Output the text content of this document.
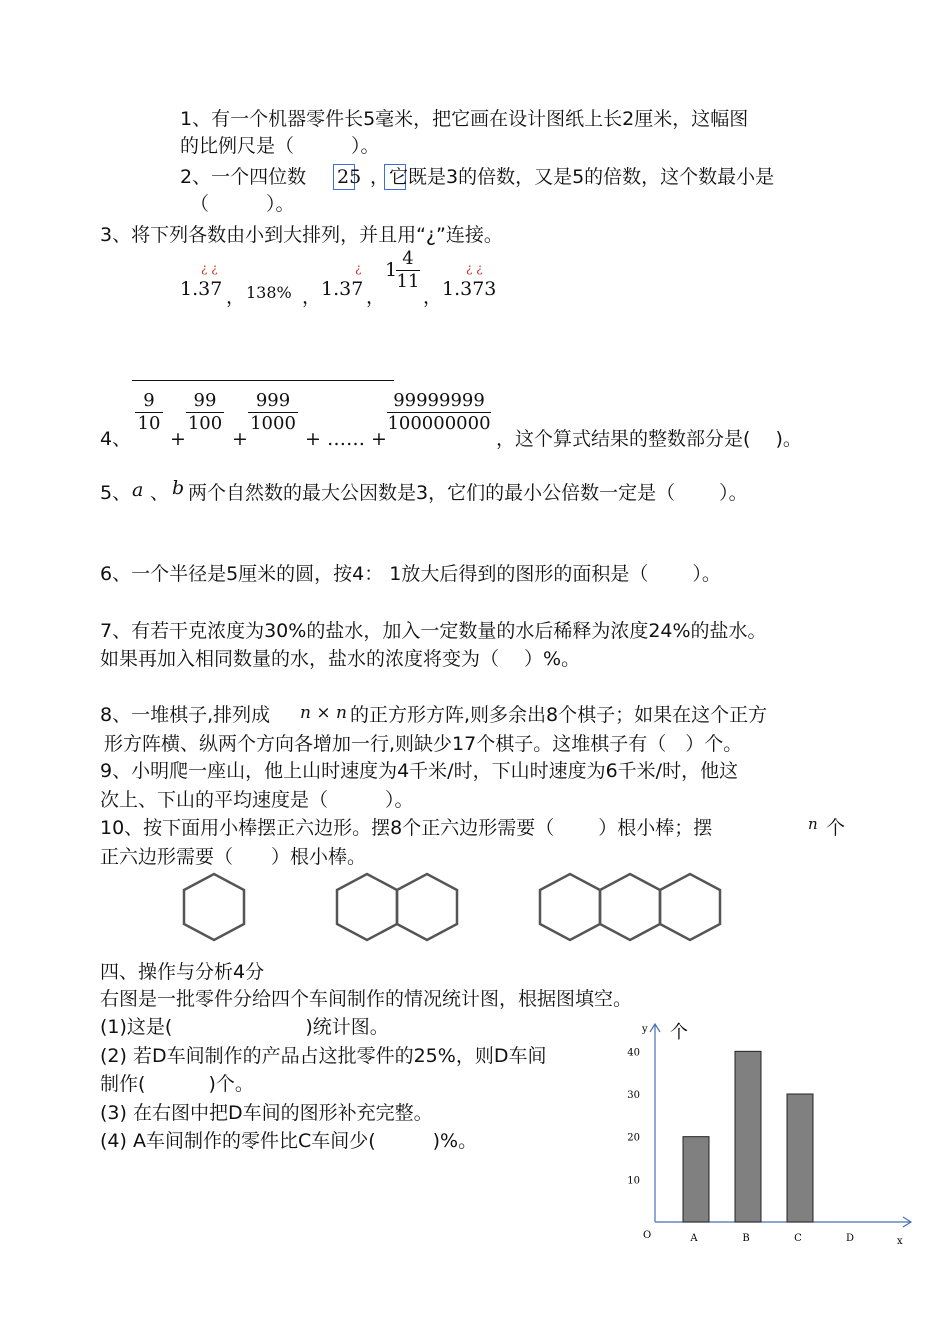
1、有一个机器零件长5毫米，把它画在设计图纸上长2厘米，这幅图
的比例尺是（　　　）。
2、一个四位数 25 ，它既是3的倍数，又是5的倍数，这个数最小是
（　　　）。
3、将下列各数由小到大排列，并且用“¿”连接。
¿ ¿
1.37 ， 138% ，
¿
1.37 ，
1
4
11
，
¿ ¿
1.373
4、
9
10
+
99
100
+
999
1000
+ …… +
99999999
100000000
，这个算式结果的整数部分是(　 )。
5、 a 、 b 两个自然数的最大公因数是3，它们的最小公倍数一定是（　　 ）。
6、一个半径是5厘米的圆，按4： 1放大后得到的图形的面积是（　　 ）。
7、有若干克浓度为30%的盐水，加入一定数量的水后稀释为浓度24%的盐水。
如果再加入相同数量的水，盐水的浓度将变为（　 ）%。
8、一堆棋子,排列成 n × n 的正方形方阵,则多余出8个棋子；如果在这个正方
形方阵横、纵两个方向各增加一行,则缺少17个棋子。这堆棋子有（　）个。
9、小明爬一座山，他上山时速度为4千米/时，下山时速度为6千米/时，他这
次上、下山的平均速度是（　　　）。
10、按下面用小棒摆正六边形。摆8个正六边形需要（　　 ）根小棒；摆	n 个
正六边形需要（　　）根小棒。
四、操作与分析4分
右图是一批零件分给四个车间制作的情况统计图，根据图填空。
(1)这是(　　　　　　　)统计图。
(2) 若D车间制作的产品占这批零件的25%，则D车间
制作(　　　 )个。
(3) 在右图中把D车间的图形补充完整。
(4) A车间制作的零件比C车间少(　　　)%。
y 个
O
x
10
20
30
40
A	B	C	D
